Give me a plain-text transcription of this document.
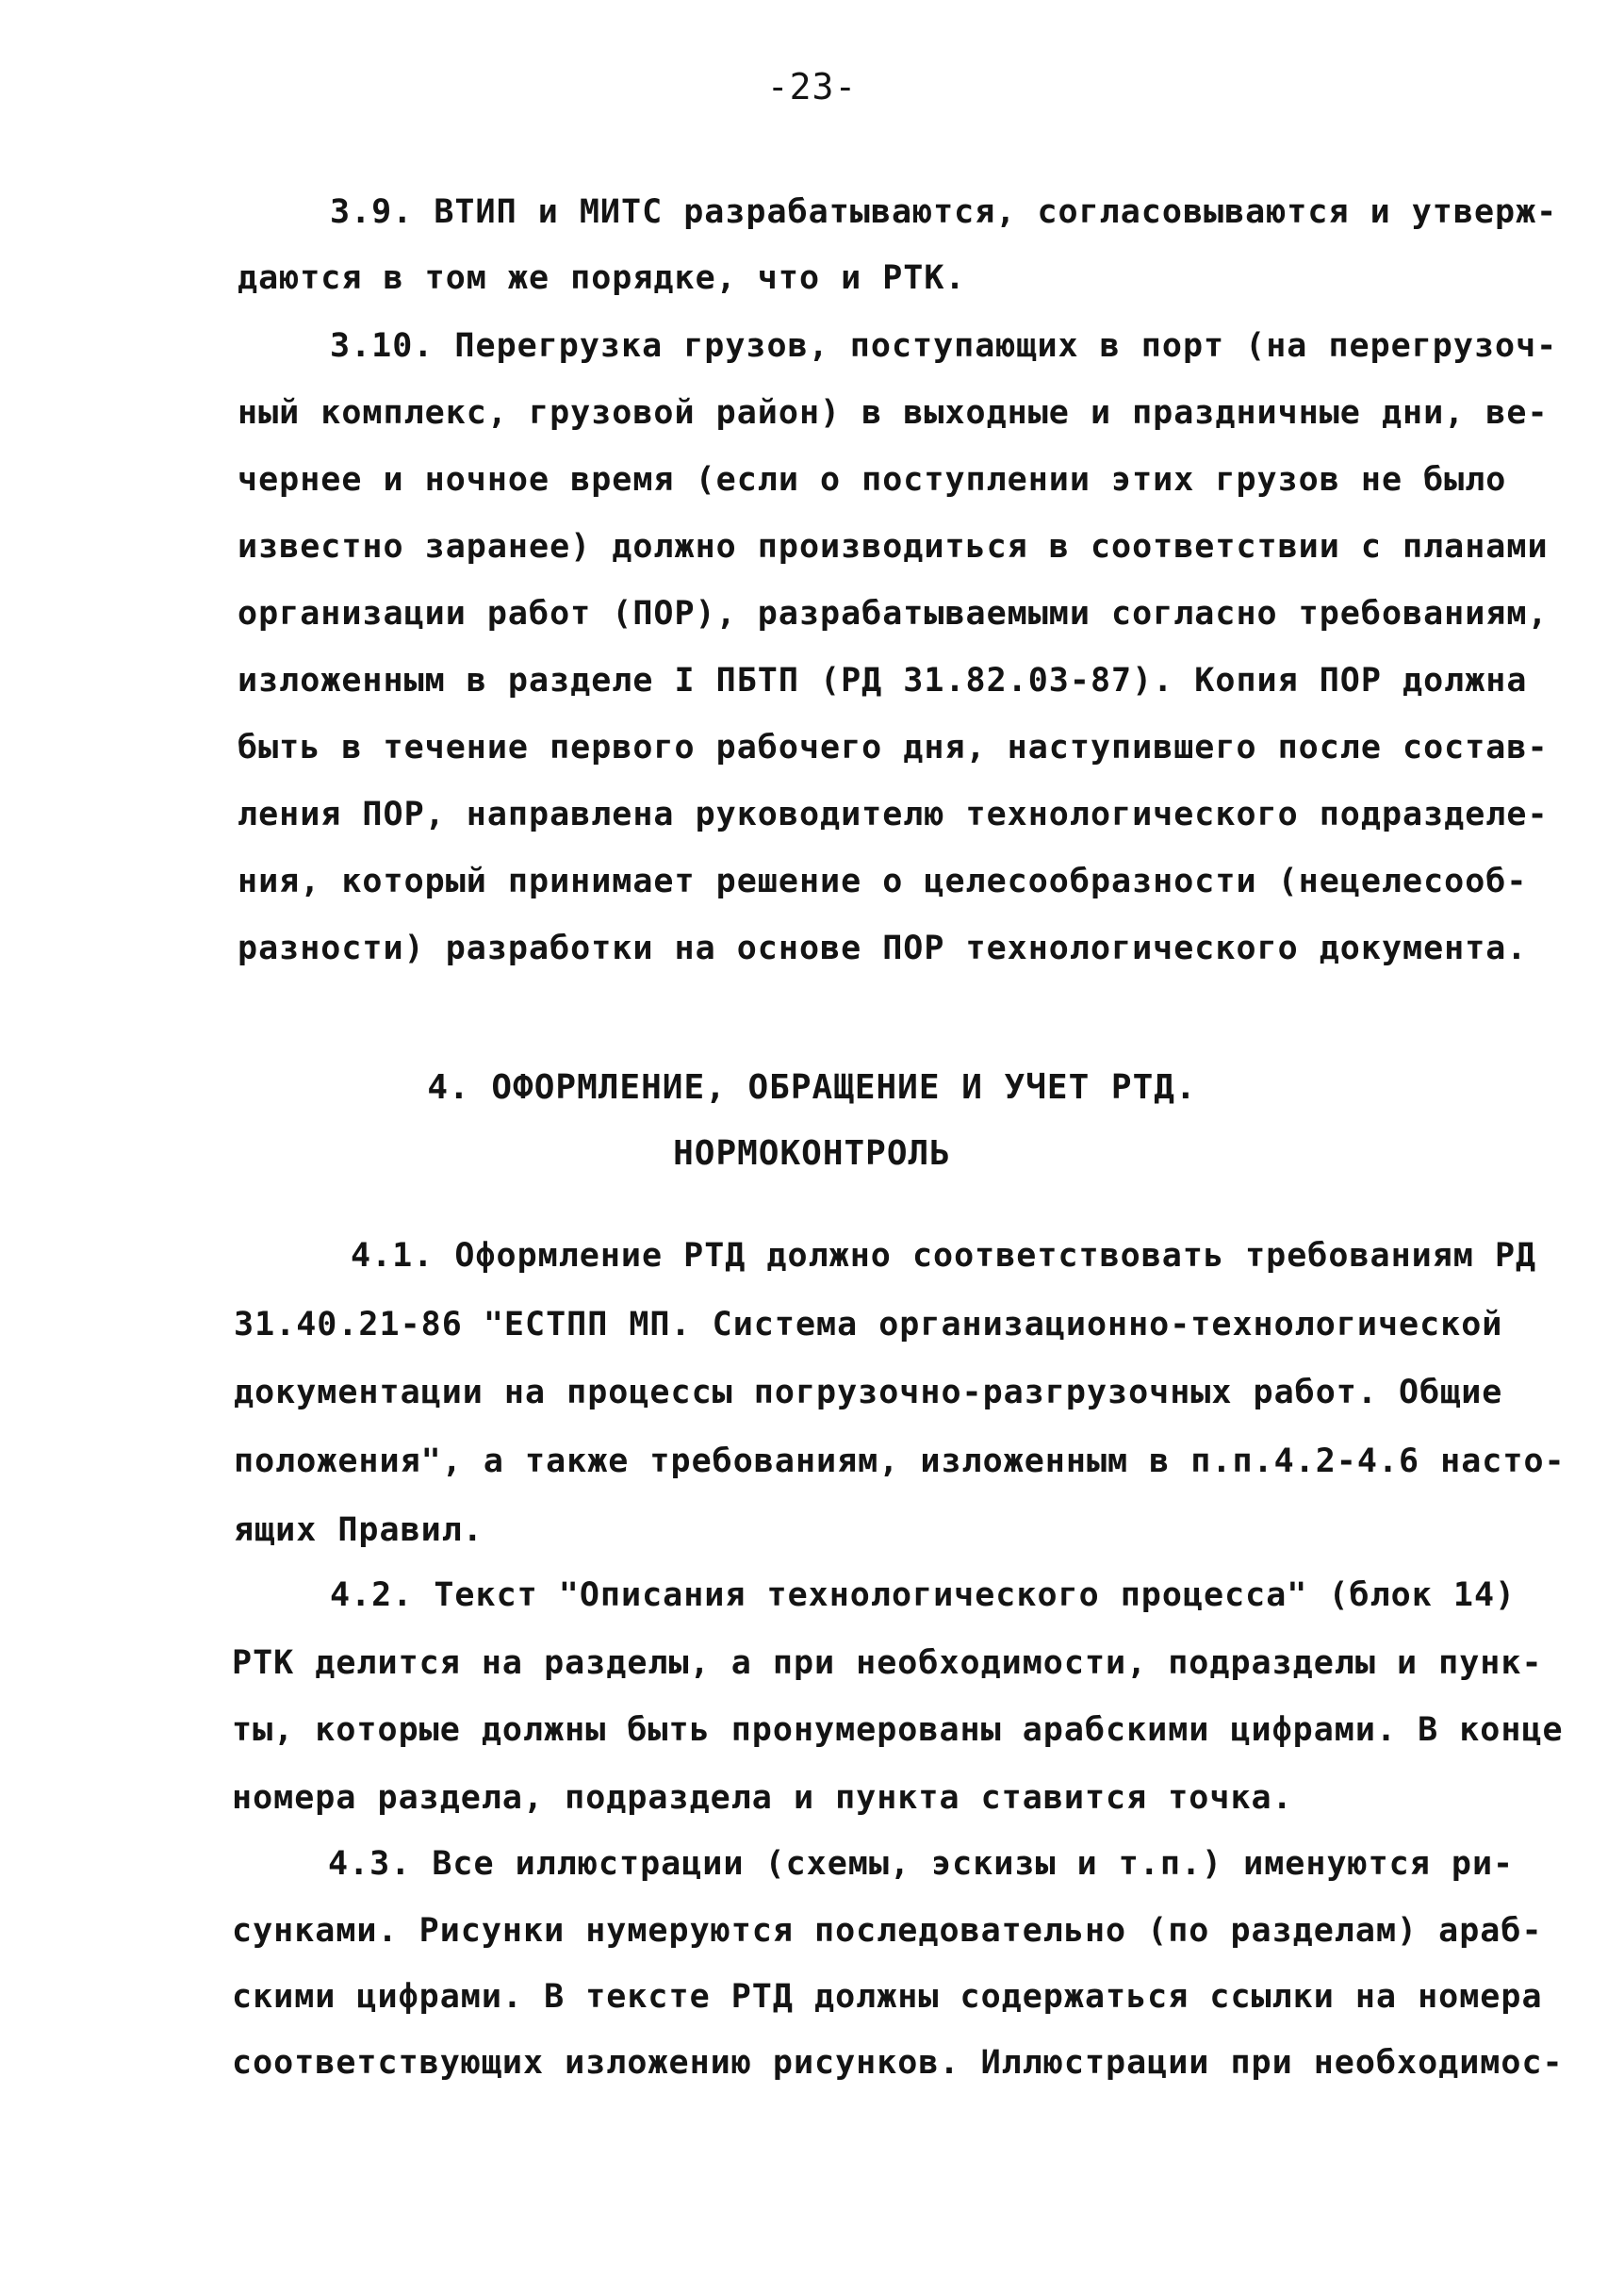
-23-
3.9. ВТИП и МИТС разрабатываются, согласовываются и утверж-
даются в том же порядке, что и РТК.
3.10. Перегрузка грузов, поступающих в порт (на перегрузоч-
ный комплекс, грузовой район) в выходные и праздничные дни, ве-
чернее и ночное время (если о поступлении этих грузов не было
известно заранее) должно производиться в соответствии с планами
организации работ (ПОР), разрабатываемыми согласно требованиям,
изложенным в разделе I ПБТП (РД 31.82.03-87). Копия ПОР должна
быть в течение первого рабочего дня, наступившего после состав-
ления ПОР, направлена руководителю технологического подразделе-
ния, который принимает решение о целесообразности (нецелесооб-
разности) разработки на основе ПОР технологического документа.
4. ОФОРМЛЕНИЕ, ОБРАЩЕНИЕ И УЧЕТ РТД.
НОРМОКОНТРОЛЬ
4.1. Оформление РТД должно соответствовать требованиям РД
31.40.21-86 "ЕСТПП МП. Система организационно-технологической
документации на процессы погрузочно-разгрузочных работ. Общие
положения", а также требованиям, изложенным в п.п.4.2-4.6 насто-
ящих Правил.
4.2. Текст "Описания технологического процесса" (блок 14)
РТК делится на разделы, а при необходимости, подразделы и пунк-
ты, которые должны быть пронумерованы арабскими цифрами. В конце
номера раздела, подраздела и пункта ставится точка.
4.3. Все иллюстрации (схемы, эскизы и т.п.) именуются ри-
сунками. Рисунки нумеруются последовательно (по разделам) араб-
скими цифрами. В тексте РТД должны содержаться ссылки на номера
соответствующих изложению рисунков. Иллюстрации при необходимос-
